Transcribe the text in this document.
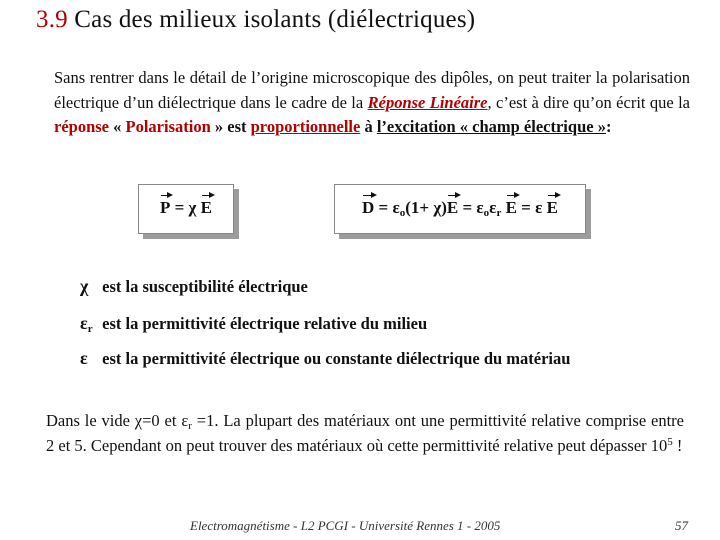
3.9 Cas des milieux isolants (diélectriques)
Sans rentrer dans le détail de l’origine microscopique des dipôles, on peut traiter la polarisation électrique d’un diélectrique dans le cadre de la Réponse Linéaire, c’est à dire qu’on écrit que la réponse « Polarisation » est proportionnelle à l’excitation « champ électrique »:
P = χ E	$D = \varepsilon_o(1+ \chi)E = \varepsilon_o\varepsilon_r$ E = ε E
χ est la susceptibilité électrique
$\varepsilon_r$ est la permittivité électrique relative du milieu
ε est la permittivité électrique ou constante diélectrique du matériau
Dans le vide χ=0 et $\varepsilon_r =1$. La plupart des matériaux ont une permittivité relative comprise entre 2 et 5. Cependant on peut trouver des matériaux où cette permittivité relative peut dépasser $10^5$ !
Electromagnétisme - L2 PCGI - Université Rennes 1 - 2005	57
